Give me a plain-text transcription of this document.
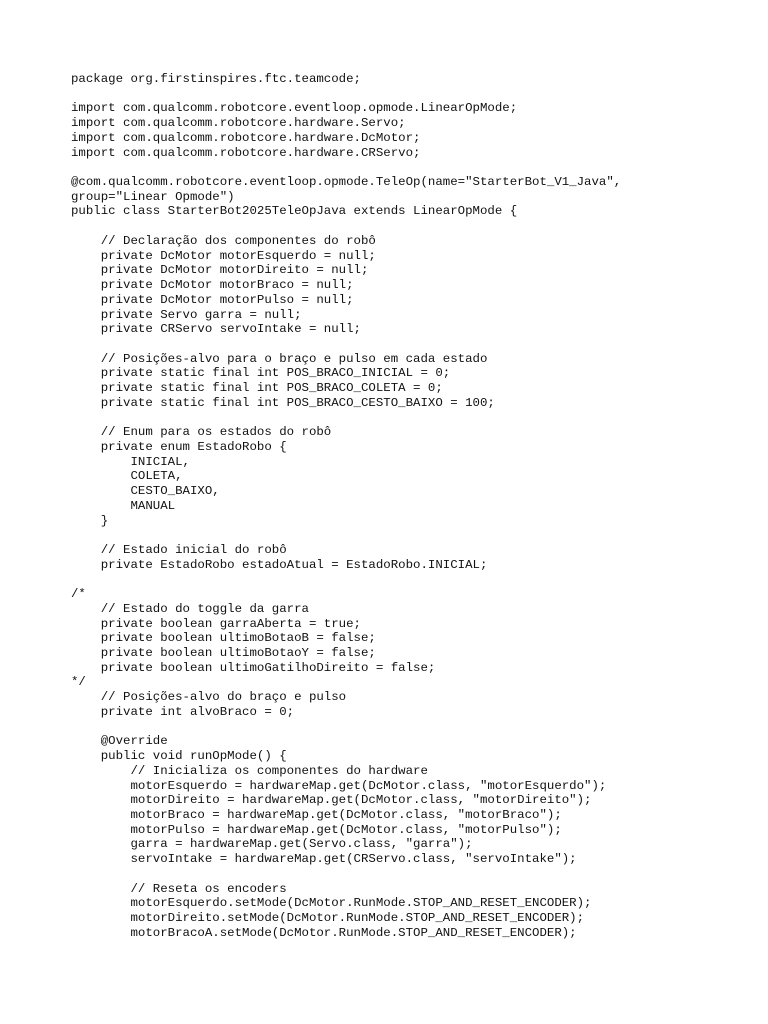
package org.firstinspires.ftc.teamcode;
import com.qualcomm.robotcore.eventloop.opmode.LinearOpMode;
import com.qualcomm.robotcore.hardware.Servo;
import com.qualcomm.robotcore.hardware.DcMotor;
import com.qualcomm.robotcore.hardware.CRServo;
@com.qualcomm.robotcore.eventloop.opmode.TeleOp(name="StarterBot_V1_Java",
group="Linear Opmode")
public class StarterBot2025TeleOpJava extends LinearOpMode {
// Declaração dos componentes do robô
private DcMotor motorEsquerdo = null;
private DcMotor motorDireito = null;
private DcMotor motorBraco = null;
private DcMotor motorPulso = null;
private Servo garra = null;
private CRServo servoIntake = null;
// Posições-alvo para o braço e pulso em cada estado
private static final int POS_BRACO_INICIAL = 0;
private static final int POS_BRACO_COLETA = 0;
private static final int POS_BRACO_CESTO_BAIXO = 100;
// Enum para os estados do robô
private enum EstadoRobo {
INICIAL,
COLETA,
CESTO_BAIXO,
MANUAL
}
// Estado inicial do robô
private EstadoRobo estadoAtual = EstadoRobo.INICIAL;
/*
// Estado do toggle da garra
private boolean garraAberta = true;
private boolean ultimoBotaoB = false;
private boolean ultimoBotaoY = false;
private boolean ultimoGatilhoDireito = false;
*/
// Posições-alvo do braço e pulso
private int alvoBraco = 0;
@Override
public void runOpMode() {
// Inicializa os componentes do hardware
motorEsquerdo = hardwareMap.get(DcMotor.class, "motorEsquerdo");
motorDireito = hardwareMap.get(DcMotor.class, "motorDireito");
motorBraco = hardwareMap.get(DcMotor.class, "motorBraco");
motorPulso = hardwareMap.get(DcMotor.class, "motorPulso");
garra = hardwareMap.get(Servo.class, "garra");
servoIntake = hardwareMap.get(CRServo.class, "servoIntake");
// Reseta os encoders
motorEsquerdo.setMode(DcMotor.RunMode.STOP_AND_RESET_ENCODER);
motorDireito.setMode(DcMotor.RunMode.STOP_AND_RESET_ENCODER);
motorBracoA.setMode(DcMotor.RunMode.STOP_AND_RESET_ENCODER);
